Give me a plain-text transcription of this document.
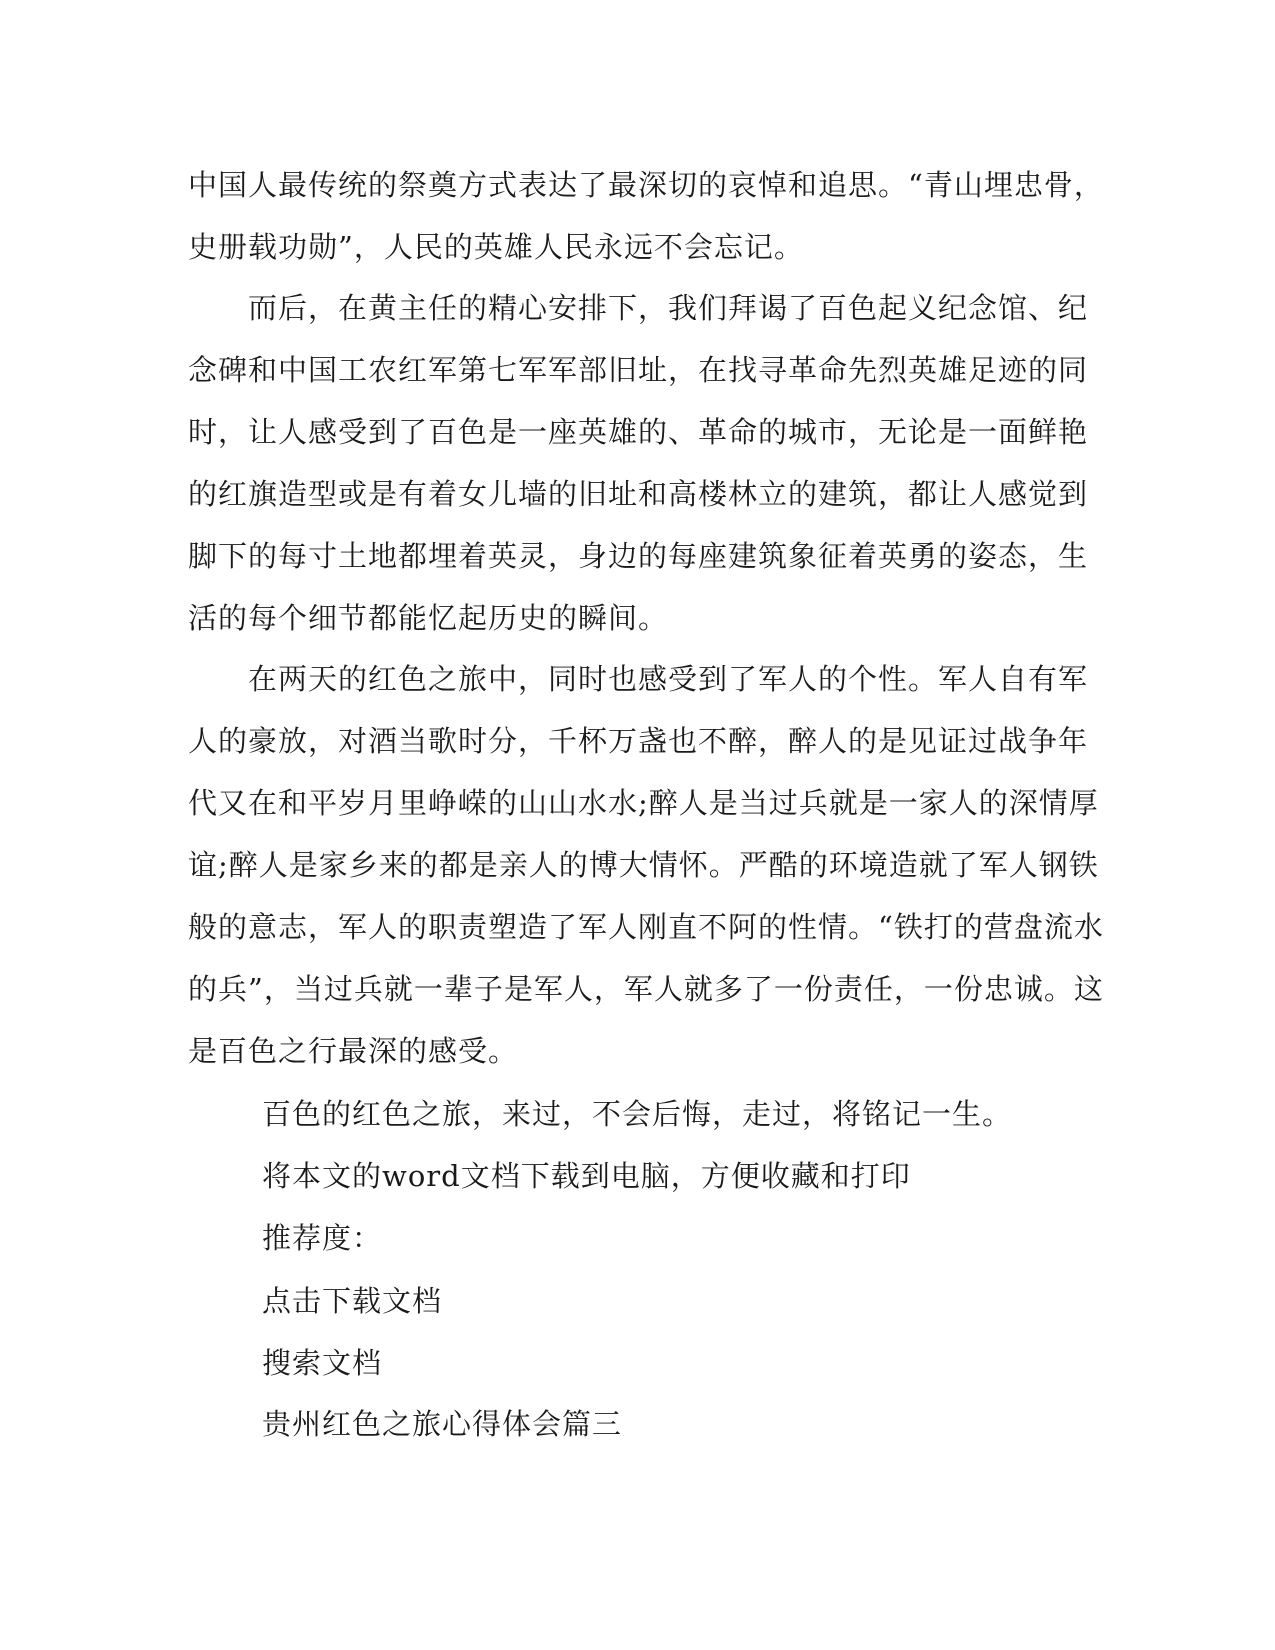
中国人最传统的祭奠方式表达了最深切的哀悼和追思。“青山埋忠骨，
史册载功勋”，人民的英雄人民永远不会忘记。
　　而后，在黄主任的精心安排下，我们拜谒了百色起义纪念馆、纪
念碑和中国工农红军第七军军部旧址，在找寻革命先烈英雄足迹的同
时，让人感受到了百色是一座英雄的、革命的城市，无论是一面鲜艳
的红旗造型或是有着女儿墙的旧址和高楼林立的建筑，都让人感觉到
脚下的每寸土地都埋着英灵，身边的每座建筑象征着英勇的姿态，生
活的每个细节都能忆起历史的瞬间。
　　在两天的红色之旅中，同时也感受到了军人的个性。军人自有军
人的豪放，对酒当歌时分，千杯万盏也不醉，醉人的是见证过战争年
代又在和平岁月里峥嵘的山山水水;醉人是当过兵就是一家人的深情厚
谊;醉人是家乡来的都是亲人的博大情怀。严酷的环境造就了军人钢铁
般的意志，军人的职责塑造了军人刚直不阿的性情。“铁打的营盘流水
的兵”，当过兵就一辈子是军人，军人就多了一份责任，一份忠诚。这
是百色之行最深的感受。
百色的红色之旅，来过，不会后悔，走过，将铭记一生。
将本文的word文档下载到电脑，方便收藏和打印
推荐度：
点击下载文档
搜索文档
贵州红色之旅心得体会篇三
